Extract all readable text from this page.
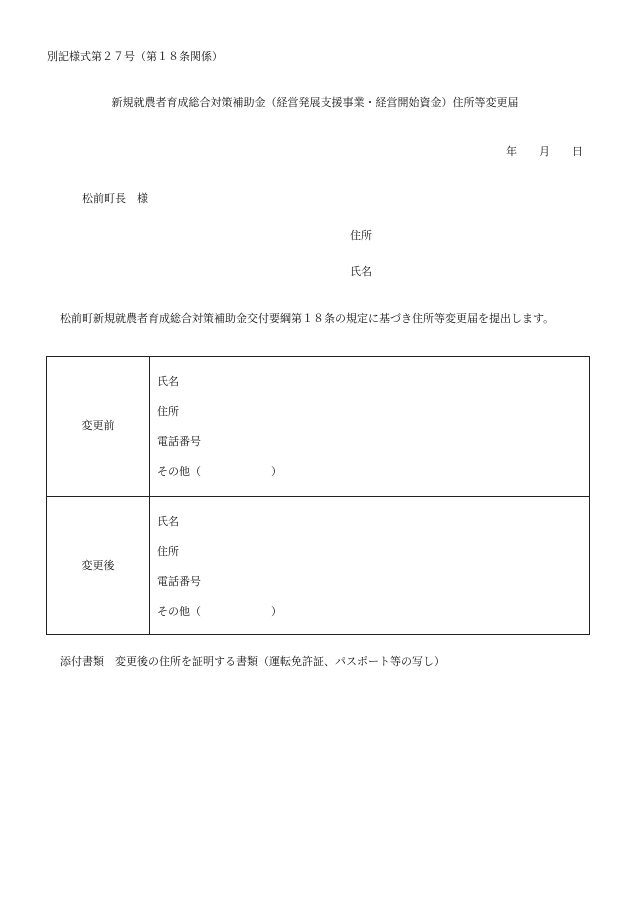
別記様式第２７号（第１８条関係）
新規就農者育成総合対策補助金（経営発展支援事業・経営開始資金）住所等変更届
年 月 日
松前町長　様
住所
氏名
松前町新規就農者育成総合対策補助金交付要綱第１８条の規定に基づき住所等変更届を提出します。
変更前
氏名
住所
電話番号
その他（	）
変更後
氏名
住所
電話番号
その他（	）
添付書類　変更後の住所を証明する書類（運転免許証、パスポート等の写し）
